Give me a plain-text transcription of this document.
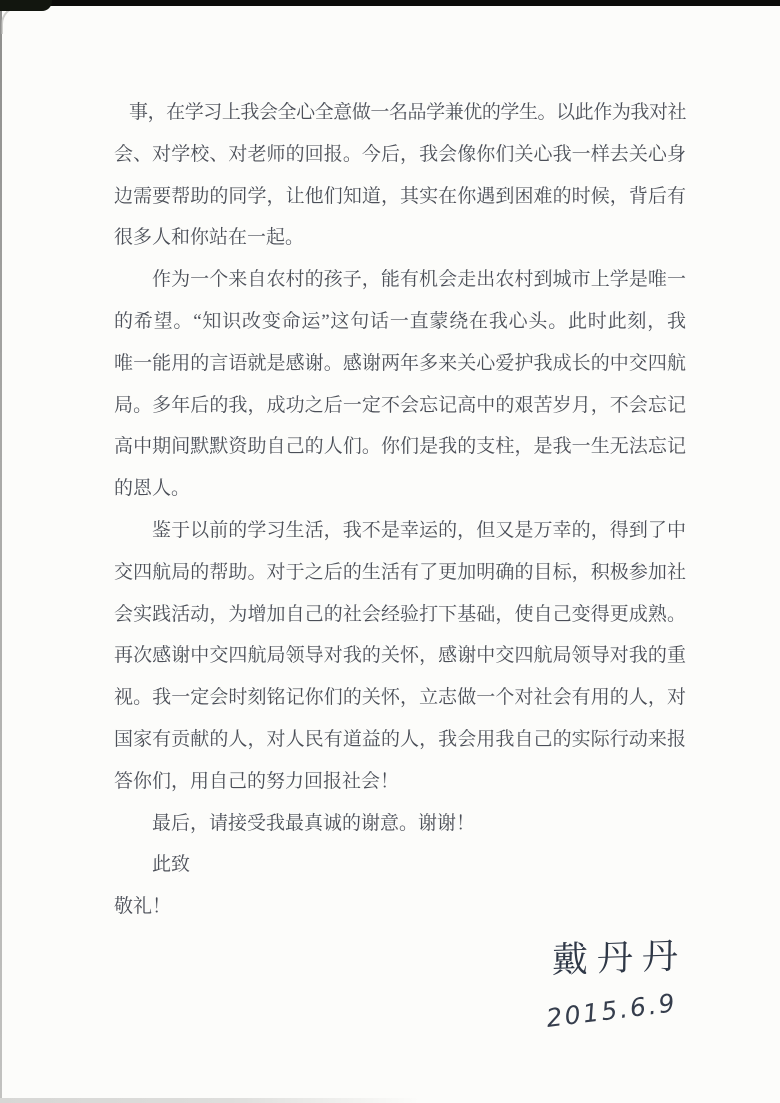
事，在学习上我会全心全意做一名品学兼优的学生。以此作为我对社
会、对学校、对老师的回报。今后，我会像你们关心我一样去关心身
边需要帮助的同学，让他们知道，其实在你遇到困难的时候，背后有
很多人和你站在一起。
作为一个来自农村的孩子，能有机会走出农村到城市上学是唯一
的希望。“知识改变命运”这句话一直蒙绕在我心头。此时此刻，我
唯一能用的言语就是感谢。感谢两年多来关心爱护我成长的中交四航
局。多年后的我，成功之后一定不会忘记高中的艰苦岁月，不会忘记
高中期间默默资助自己的人们。你们是我的支柱，是我一生无法忘记
的恩人。
鉴于以前的学习生活，我不是幸运的，但又是万幸的，得到了中
交四航局的帮助。对于之后的生活有了更加明确的目标，积极参加社
会实践活动，为增加自己的社会经验打下基础，使自己变得更成熟。
再次感谢中交四航局领导对我的关怀，感谢中交四航局领导对我的重
视。我一定会时刻铭记你们的关怀，立志做一个对社会有用的人，对
国家有贡献的人，对人民有道益的人，我会用我自己的实际行动来报
答你们，用自己的努力回报社会！
最后，请接受我最真诚的谢意。谢谢！
此致
敬礼！
戴丹丹
2015.6.9
